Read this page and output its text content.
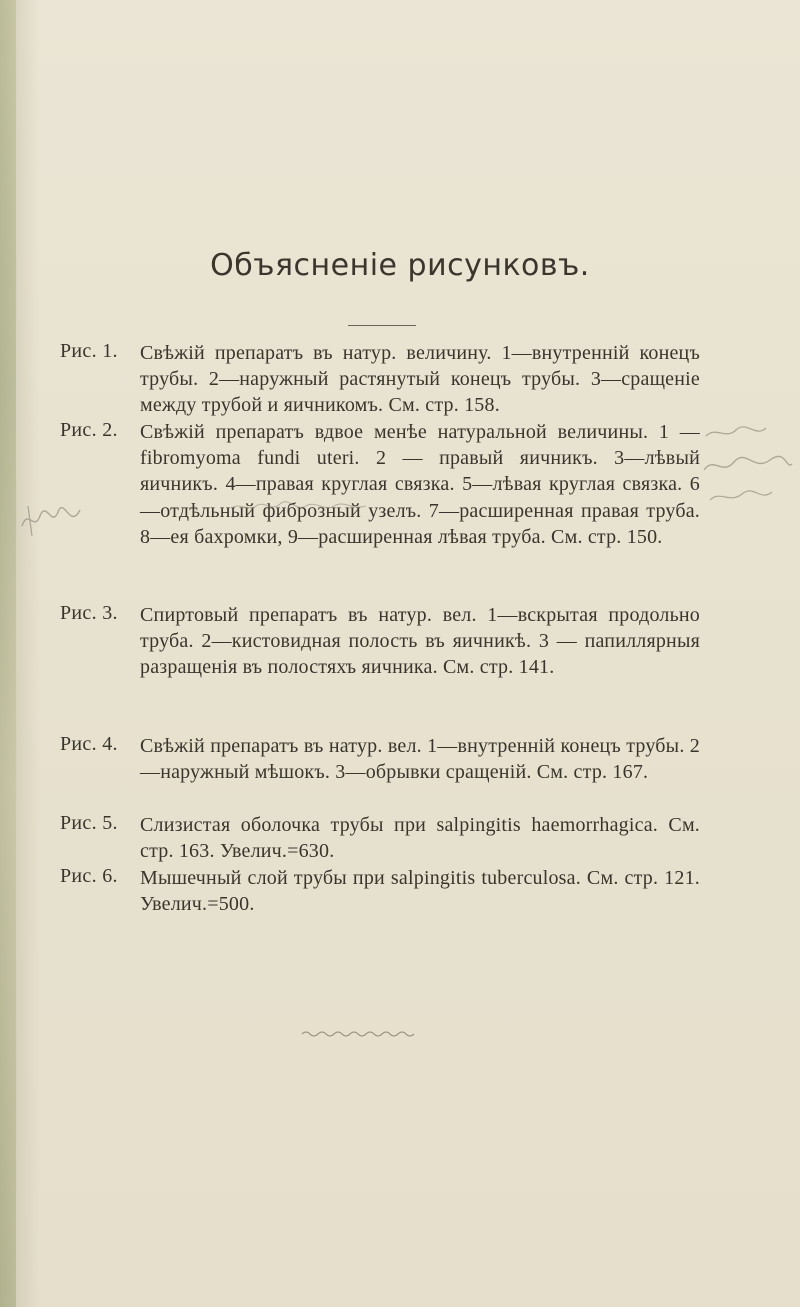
Объясненіе рисунковъ.
Рис. 1. Свѣжій препаратъ въ натур. величину. 1—внутренній конецъ трубы. 2—наружный растянутый конецъ трубы. 3—сращеніе между трубой и яичникомъ. См. стр. 158.
Рис. 2. Свѣжій препаратъ вдвое менѣе натуральной величины. 1 — fibromyoma fundi uteri. 2 — правый яичникъ. 3—лѣвый яичникъ. 4—правая круглая связка. 5—лѣвая круглая связка. 6—отдѣльный фиброзный узелъ. 7—расширенная правая труба. 8—ея бахромки, 9—расширенная лѣвая труба. См. стр. 150.
Рис. 3. Спиртовый препаратъ въ натур. вел. 1—вскрытая продольно труба. 2—кистовидная полость въ яичникѣ. 3 — папиллярныя разращенія въ полостяхъ яичника. См. стр. 141.
Рис. 4. Свѣжій препаратъ въ натур. вел. 1—внутренній конецъ трубы. 2—наружный мѣшокъ. 3—обрывки сращеній. См. стр. 167.
Рис. 5. Слизистая оболочка трубы при salpingitis haemorrhagica. См. стр. 163. Увелич.=630.
Рис. 6. Мышечный слой трубы при salpingitis tuberculosa. См. стр. 121. Увелич.=500.
